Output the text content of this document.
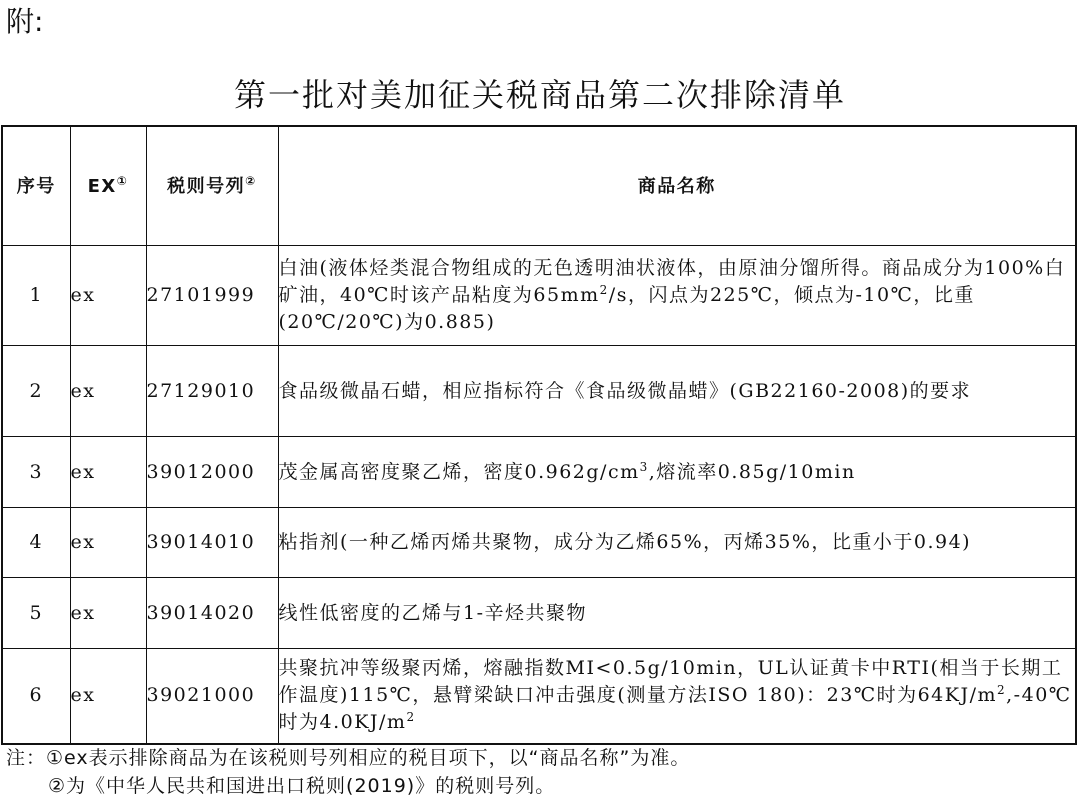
附:
第一批对美加征关税商品第二次排除清单
序号	EX①	税则号列②	商品名称
1	ex	27101999	白油(液体烃类混合物组成的无色透明油状液体，由原油分馏所得。商品成分为100%白矿油，40℃时该产品粘度为$65mm^2/s$，闪点为225℃，倾点为-10℃，比重(20℃/20℃)为0.885)
2	ex	27129010	食品级微晶石蜡，相应指标符合《食品级微晶蜡》(GB22160-2008)的要求
3	ex	39012000	茂金属高密度聚乙烯，密度$0.962g/cm^3$,熔流率0.85g/10min
4	ex	39014010	粘指剂(一种乙烯丙烯共聚物，成分为乙烯65%，丙烯35%，比重小于0.94)
5	ex	39014020	线性低密度的乙烯与1-辛烃共聚物
6	ex	39021000	共聚抗冲等级聚丙烯，熔融指数MI<0.5g/10min，UL认证黄卡中RTI(相当于长期工作温度)115℃，悬臂梁缺口冲击强度(测量方法ISO 180)：23℃时为$64KJ/m^2,-40℃$时为$4.0KJ/m^2$
注：①ex表示排除商品为在该税则号列相应的税目项下，以“商品名称”为准。
②为《中华人民共和国进出口税则(2019)》的税则号列。
